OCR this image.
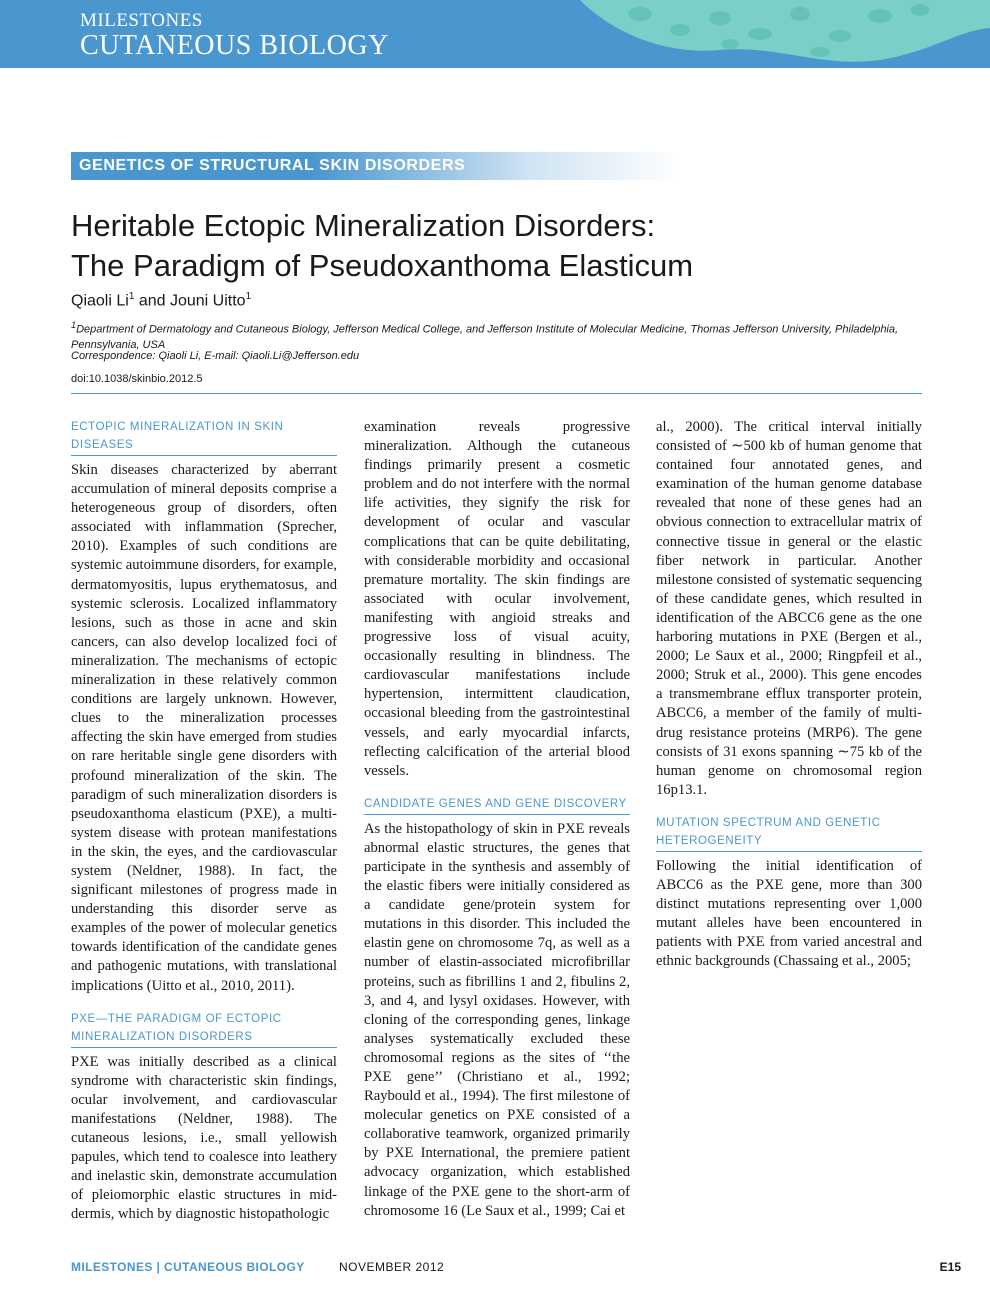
MILESTONES
CUTANEOUS BIOLOGY
GENETICS OF STRUCTURAL SKIN DISORDERS
Heritable Ectopic Mineralization Disorders:
The Paradigm of Pseudoxanthoma Elasticum
Qiaoli Li$^1$ and Jouni Uitto$^1$
$^1$Department of Dermatology and Cutaneous Biology, Jefferson Medical College, and Jefferson Institute of Molecular Medicine, Thomas Jefferson University, Philadelphia, Pennsylvania, USA
Correspondence: Qiaoli Li, E-mail: Qiaoli.Li@Jefferson.edu
doi:10.1038/skinbio.2012.5
ECTOPIC MINERALIZATION IN SKIN DISEASES

Skin diseases characterized by aberrant accumulation of mineral deposits comprise a heterogeneous group of disorders, often associated with inflammation (Sprecher, 2010). Examples of such conditions are systemic autoimmune disorders, for example, dermatomyositis, lupus erythematosus, and systemic sclerosis. Localized inflammatory lesions, such as those in acne and skin cancers, can also develop localized foci of mineralization. The mechanisms of ectopic mineralization in these relatively common conditions are largely unknown. However, clues to the mineralization processes affecting the skin have emerged from studies on rare heritable single gene disorders with profound mineralization of the skin. The paradigm of such mineralization disorders is pseudoxanthoma elasticum (PXE), a multi-system disease with protean manifestations in the skin, the eyes, and the cardiovascular system (Neldner, 1988). In fact, the significant milestones of progress made in understanding this disorder serve as examples of the power of molecular genetics towards identification of the candidate genes and pathogenic mutations, with translational implications (Uitto et al., 2010, 2011).

PXE—THE PARADIGM OF ECTOPIC MINERALIZATION DISORDERS

PXE was initially described as a clinical syndrome with characteristic skin findings, ocular involvement, and cardiovascular manifestations (Neldner, 1988). The cutaneous lesions, i.e., small yellowish papules, which tend to coalesce into leathery and inelastic skin, demonstrate accumulation of pleiomorphic elastic structures in mid-dermis, which by diagnostic histopathologic

examination reveals progressive mineralization. Although the cutaneous findings primarily present a cosmetic problem and do not interfere with the normal life activities, they signify the risk for development of ocular and vascular complications that can be quite debilitating, with considerable morbidity and occasional premature mortality. The skin findings are associated with ocular involvement, manifesting with angioid streaks and progressive loss of visual acuity, occasionally resulting in blindness. The cardiovascular manifestations include hypertension, intermittent claudication, occasional bleeding from the gastrointestinal vessels, and early myocardial infarcts, reflecting calcification of the arterial blood vessels.

CANDIDATE GENES AND GENE DISCOVERY

As the histopathology of skin in PXE reveals abnormal elastic structures, the genes that participate in the synthesis and assembly of the elastic fibers were initially considered as a candidate gene/protein system for mutations in this disorder. This included the elastin gene on chromosome 7q, as well as a number of elastin-associated microfibrillar proteins, such as fibrillins 1 and 2, fibulins 2, 3, and 4, and lysyl oxidases. However, with cloning of the corresponding genes, linkage analyses systematically excluded these chromosomal regions as the sites of ‘‘the PXE gene’’ (Christiano et al., 1992; Raybould et al., 1994). The first milestone of molecular genetics on PXE consisted of a collaborative teamwork, organized primarily by PXE International, the premiere patient advocacy organization, which established linkage of the PXE gene to the short-arm of chromosome 16 (Le Saux et al., 1999; Cai et

al., 2000). The critical interval initially consisted of ∼500 kb of human genome that contained four annotated genes, and examination of the human genome database revealed that none of these genes had an obvious connection to extracellular matrix of connective tissue in general or the elastic fiber network in particular. Another milestone consisted of systematic sequencing of these candidate genes, which resulted in identification of the ABCC6 gene as the one harboring mutations in PXE (Bergen et al., 2000; Le Saux et al., 2000; Ringpfeil et al., 2000; Struk et al., 2000). This gene encodes a transmembrane efflux transporter protein, ABCC6, a member of the family of multi-drug resistance proteins (MRP6). The gene consists of 31 exons spanning ∼75 kb of the human genome on chromosomal region 16p13.1.

MUTATION SPECTRUM AND GENETIC HETEROGENEITY

Following the initial identification of ABCC6 as the PXE gene, more than 300 distinct mutations representing over 1,000 mutant alleles have been encountered in patients with PXE from varied ancestral and ethnic backgrounds (Chassaing et al., 2005;

MILESTONES | CUTANEOUS BIOLOGY	NOVEMBER 2012	E15
